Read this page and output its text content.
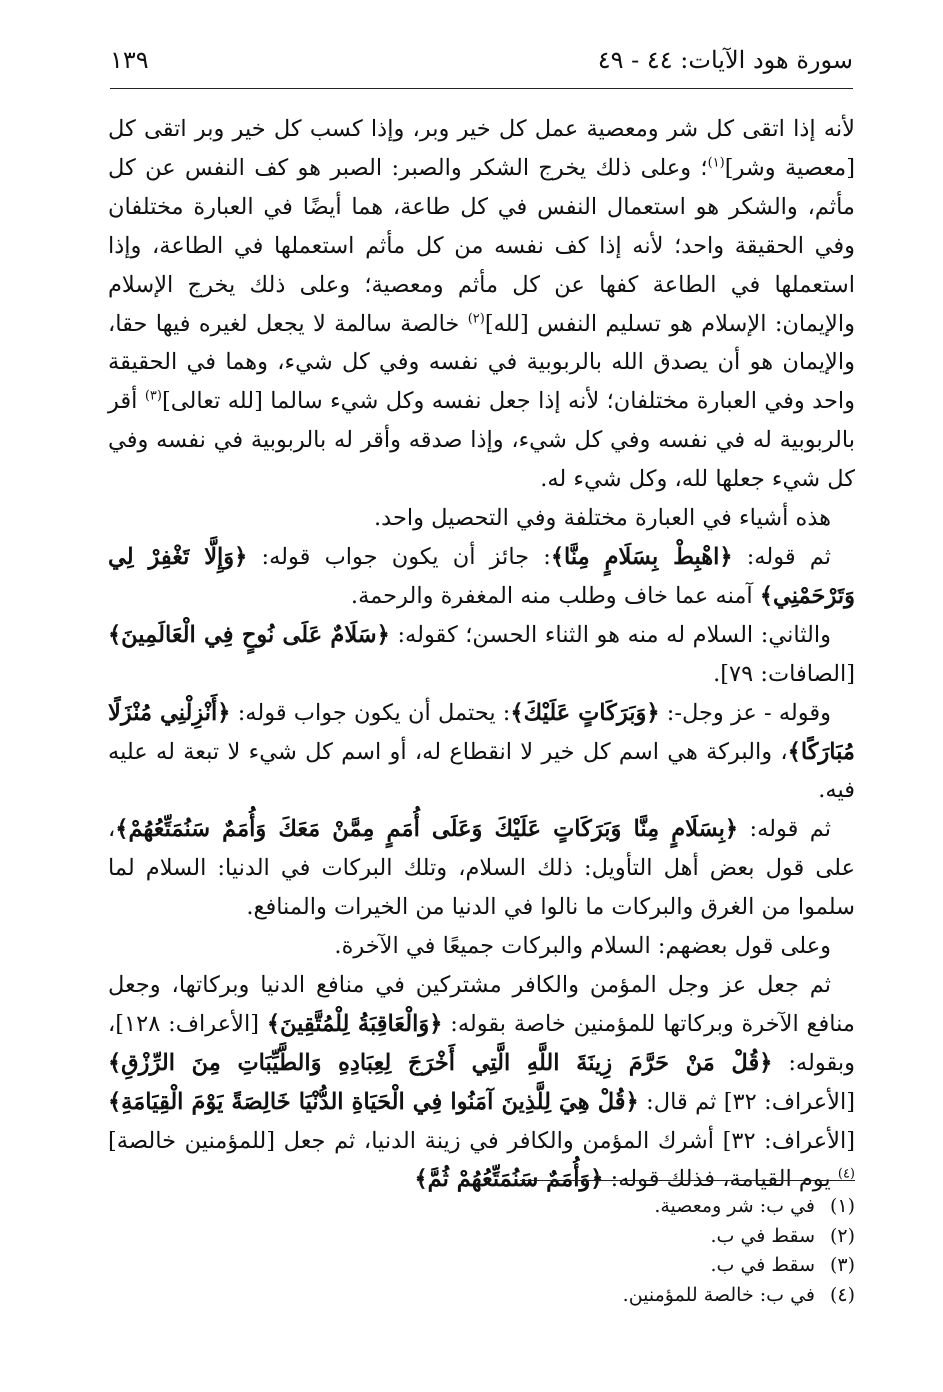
سورة هود الآيات: ٤٤ - ٤٩
١٣٩

لأنه إذا اتقى كل شر ومعصية عمل كل خير وبر، وإذا كسب كل خير وبر اتقى كل [معصية وشر]$^{(١)}$؛ وعلى ذلك يخرج الشكر والصبر: الصبر هو كف النفس عن كل مأثم، والشكر هو استعمال النفس في كل طاعة، هما أيضًا في العبارة مختلفان وفي الحقيقة واحد؛ لأنه إذا كف نفسه من كل مأثم استعملها في الطاعة، وإذا استعملها في الطاعة كفها عن كل مأثم ومعصية؛ وعلى ذلك يخرج الإسلام والإيمان: الإسلام هو تسليم النفس [لله]$^{(٢)}$ خالصة سالمة لا يجعل لغيره فيها حقا، والإيمان هو أن يصدق الله بالربوبية في نفسه وفي كل شيء، وهما في الحقيقة واحد وفي العبارة مختلفان؛ لأنه إذا جعل نفسه وكل شيء سالما [لله تعالى]$^{(٣)}$ أقر بالربوبية له في نفسه وفي كل شيء، وإذا صدقه وأقر له بالربوبية في نفسه وفي كل شيء جعلها لله، وكل شيء له.

هذه أشياء في العبارة مختلفة وفي التحصيل واحد.

ثم قوله: ﴿اهْبِطْ بِسَلَامٍ مِنَّا﴾: جائز أن يكون جواب قوله: ﴿وَإِلَّا تَغْفِرْ لِي وَتَرْحَمْنِي﴾ آمنه عما خاف وطلب منه المغفرة والرحمة.

والثاني: السلام له منه هو الثناء الحسن؛ كقوله: ﴿سَلَامٌ عَلَى نُوحٍ فِي الْعَالَمِينَ﴾ [الصافات: ٧٩].

وقوله - عز وجل-: ﴿وَبَرَكَاتٍ عَلَيْكَ﴾: يحتمل أن يكون جواب قوله: ﴿أَنْزِلْنِي مُنْزَلًا مُبَارَكًا﴾، والبركة هي اسم كل خير لا انقطاع له، أو اسم كل شيء لا تبعة له عليه فيه.

ثم قوله: ﴿بِسَلَامٍ مِنَّا وَبَرَكَاتٍ عَلَيْكَ وَعَلَى أُمَمٍ مِمَّنْ مَعَكَ وَأُمَمٌ سَنُمَتِّعُهُمْ﴾، على قول بعض أهل التأويل: ذلك السلام، وتلك البركات في الدنيا: السلام لما سلموا من الغرق والبركات ما نالوا في الدنيا من الخيرات والمنافع.

وعلى قول بعضهم: السلام والبركات جميعًا في الآخرة.

ثم جعل عز وجل المؤمن والكافر مشتركين في منافع الدنيا وبركاتها، وجعل منافع الآخرة وبركاتها للمؤمنين خاصة بقوله: ﴿وَالْعَاقِبَةُ لِلْمُتَّقِينَ﴾ [الأعراف: ١٢٨]، وبقوله: ﴿قُلْ مَنْ حَرَّمَ زِينَةَ اللَّهِ الَّتِي أَخْرَجَ لِعِبَادِهِ وَالطَّيِّبَاتِ مِنَ الرِّزْقِ﴾ [الأعراف: ٣٢] ثم قال: ﴿قُلْ هِيَ لِلَّذِينَ آمَنُوا فِي الْحَيَاةِ الدُّنْيَا خَالِصَةً يَوْمَ الْقِيَامَةِ﴾ [الأعراف: ٣٢] أشرك المؤمن والكافر في زينة الدنيا، ثم جعل [للمؤمنين خالصة]$^{(٤)}$ يوم القيامة، فذلك قوله: ﴿وَأُمَمٌ سَنُمَتِّعُهُمْ ثُمَّ﴾

(١)في ب: شر ومعصية.

(٢)سقط في ب.

(٣)سقط في ب.

(٤)في ب: خالصة للمؤمنين.
